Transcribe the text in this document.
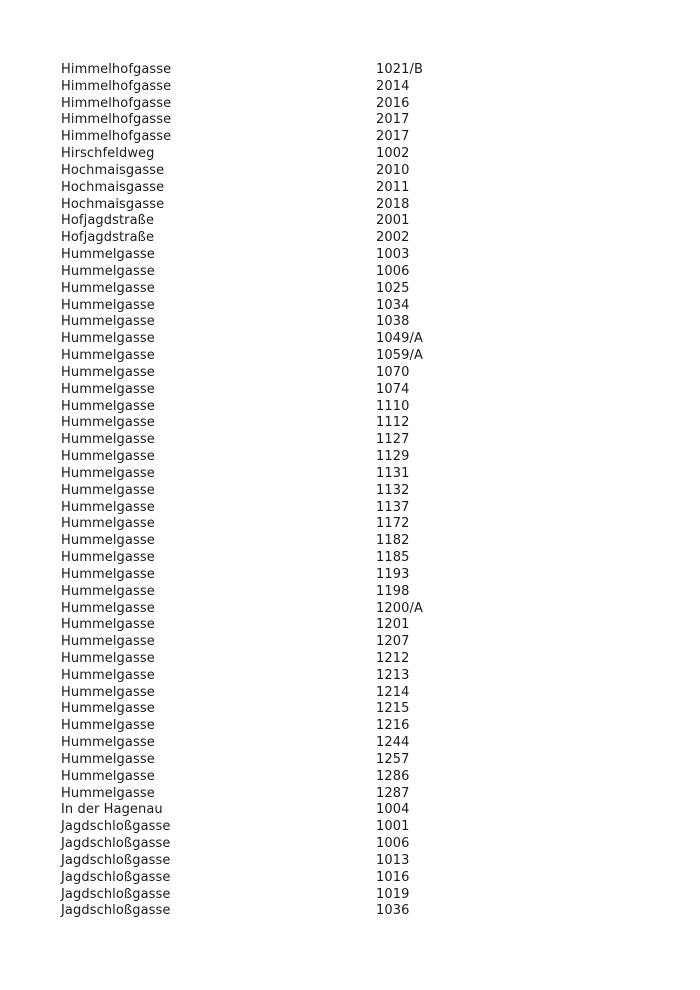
Himmelhofgasse	1021/B
Himmelhofgasse	2014
Himmelhofgasse	2016
Himmelhofgasse	2017
Himmelhofgasse	2017
Hirschfeldweg	1002
Hochmaisgasse	2010
Hochmaisgasse	2011
Hochmaisgasse	2018
Hofjagdstraße	2001
Hofjagdstraße	2002
Hummelgasse	1003
Hummelgasse	1006
Hummelgasse	1025
Hummelgasse	1034
Hummelgasse	1038
Hummelgasse	1049/A
Hummelgasse	1059/A
Hummelgasse	1070
Hummelgasse	1074
Hummelgasse	1110
Hummelgasse	1112
Hummelgasse	1127
Hummelgasse	1129
Hummelgasse	1131
Hummelgasse	1132
Hummelgasse	1137
Hummelgasse	1172
Hummelgasse	1182
Hummelgasse	1185
Hummelgasse	1193
Hummelgasse	1198
Hummelgasse	1200/A
Hummelgasse	1201
Hummelgasse	1207
Hummelgasse	1212
Hummelgasse	1213
Hummelgasse	1214
Hummelgasse	1215
Hummelgasse	1216
Hummelgasse	1244
Hummelgasse	1257
Hummelgasse	1286
Hummelgasse	1287
In der Hagenau	1004
Jagdschloßgasse	1001
Jagdschloßgasse	1006
Jagdschloßgasse	1013
Jagdschloßgasse	1016
Jagdschloßgasse	1019
Jagdschloßgasse	1036
